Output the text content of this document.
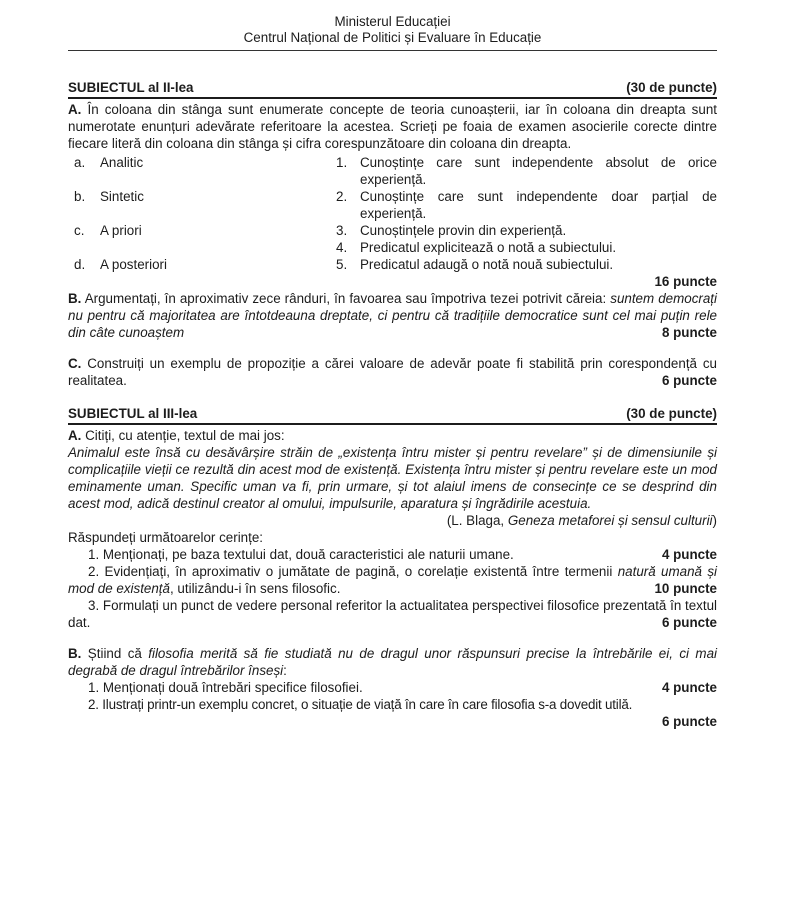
Ministerul Educației
Centrul Național de Politici și Evaluare în Educație
SUBIECTUL al II-lea	(30 de puncte)

A. În coloana din stânga sunt enumerate concepte de teoria cunoașterii, iar în coloana din dreapta sunt numerotate enunțuri adevărate referitoare la acestea. Scrieți pe foaia de examen asocierile corecte dintre fiecare literă din coloana din stânga și cifra corespunzătoare din coloana din dreapta.

a.	Analitic	1. Cunoștințe care sunt independente absolut de orice experiență.
b.	Sintetic	2. Cunoștințe care sunt independente doar parțial de experiență.
c.	A priori	3. Cunoștințele provin din experiență.
4. Predicatul explicitează o notă a subiectului.
d.	A posteriori	5. Predicatul adaugă o notă nouă subiectului.
16 puncte

B. Argumentați, în aproximativ zece rânduri, în favoarea sau împotriva tezei potrivit căreia: suntem democrați nu pentru că majoritatea are întotdeauna dreptate, ci pentru că tradițiile democratice sunt cel mai puțin rele din câte cunoaștem	8 puncte

C. Construiți un exemplu de propoziție a cărei valoare de adevăr poate fi stabilită prin corespondență cu realitatea.	6 puncte

SUBIECTUL al III-lea	(30 de puncte)

A. Citiți, cu atenție, textul de mai jos:

Animalul este însă cu desăvârșire străin de „existența întru mister și pentru revelare” și de dimensiunile și complicațiile vieții ce rezultă din acest mod de existență. Existența întru mister și pentru revelare este un mod eminamente uman. Specific uman va fi, prin urmare, și tot alaiul imens de consecințe ce se desprind din acest mod, adică destinul creator al omului, impulsurile, aparatura și îngrădirile acestuia.

(L. Blaga, Geneza metaforei și sensul culturii)
Răspundeți următoarelor cerințe:

1. Menționați, pe baza textului dat, două caracteristici ale naturii umane.	4 puncte

2. Evidențiați, în aproximativ o jumătate de pagină, o corelație existentă între termenii natură umană și mod de existență, utilizându-i în sens filosofic.	10 puncte

3. Formulați un punct de vedere personal referitor la actualitatea perspectivei filosofice prezentată în textul dat.	6 puncte

B. Știind că filosofia merită să fie studiată nu de dragul unor răspunsuri precise la întrebările ei, ci mai degrabă de dragul întrebărilor înseși:

1. Menționați două întrebări specifice filosofiei.	4 puncte

2. Ilustrați printr-un exemplu concret, o situație de viață în care în care filosofia s-a dovedit utilă.

6 puncte
